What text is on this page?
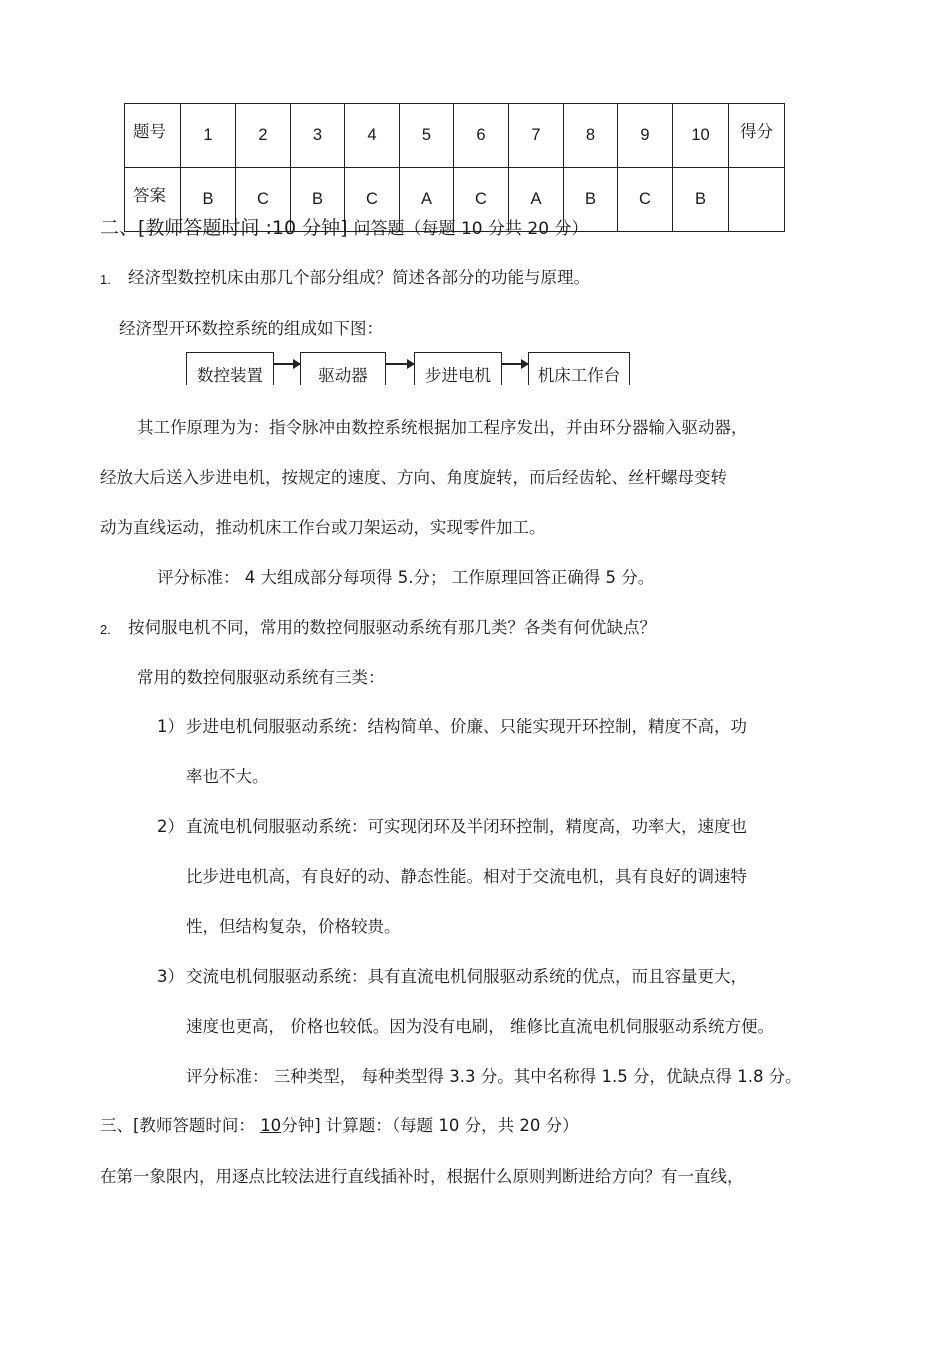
题号	1	2	3	4	5	6	7	8	9	10	得分
答案	B	C	B	C	A	C	A	B	C	B	
二、[教师答题时间 :10 分钟] 问答题（每题 10 分共 20 分）
1. 经济型数控机床由那几个部分组成？简述各部分的功能与原理。
经济型开环数控系统的组成如下图：
数控装置	驱动器	步进电机	机床工作台
其工作原理为为：指令脉冲由数控系统根据加工程序发出，并由环分器输入驱动器，
经放大后送入步进电机，按规定的速度、方向、角度旋转，而后经齿轮、丝杆螺母变转
动为直线运动，推动机床工作台或刀架运动，实现零件加工。
评分标准： 4 大组成部分每项得 5.分； 工作原理回答正确得 5 分。
2. 按伺服电机不同，常用的数控伺服驱动系统有那几类？各类有何优缺点？
常用的数控伺服驱动系统有三类：
1） 步进电机伺服驱动系统：结构简单、价廉、只能实现开环控制，精度不高，功
率也不大。
2） 直流电机伺服驱动系统：可实现闭环及半闭环控制，精度高，功率大，速度也
比步进电机高，有良好的动、静态性能。相对于交流电机，具有良好的调速特
性，但结构复杂，价格较贵。
3） 交流电机伺服驱动系统：具有直流电机伺服驱动系统的优点，而且容量更大，
速度也更高， 价格也较低。因为没有电刷， 维修比直流电机伺服驱动系统方便。
评分标准： 三种类型， 每种类型得 3.3 分。其中名称得 1.5 分，优缺点得 1.8 分。
三、[教师答题时间： 10分钟] 计算题：（每题 10 分，共 20 分）
在第一象限内，用逐点比较法进行直线插补时，根据什么原则判断进给方向？有一直线，
